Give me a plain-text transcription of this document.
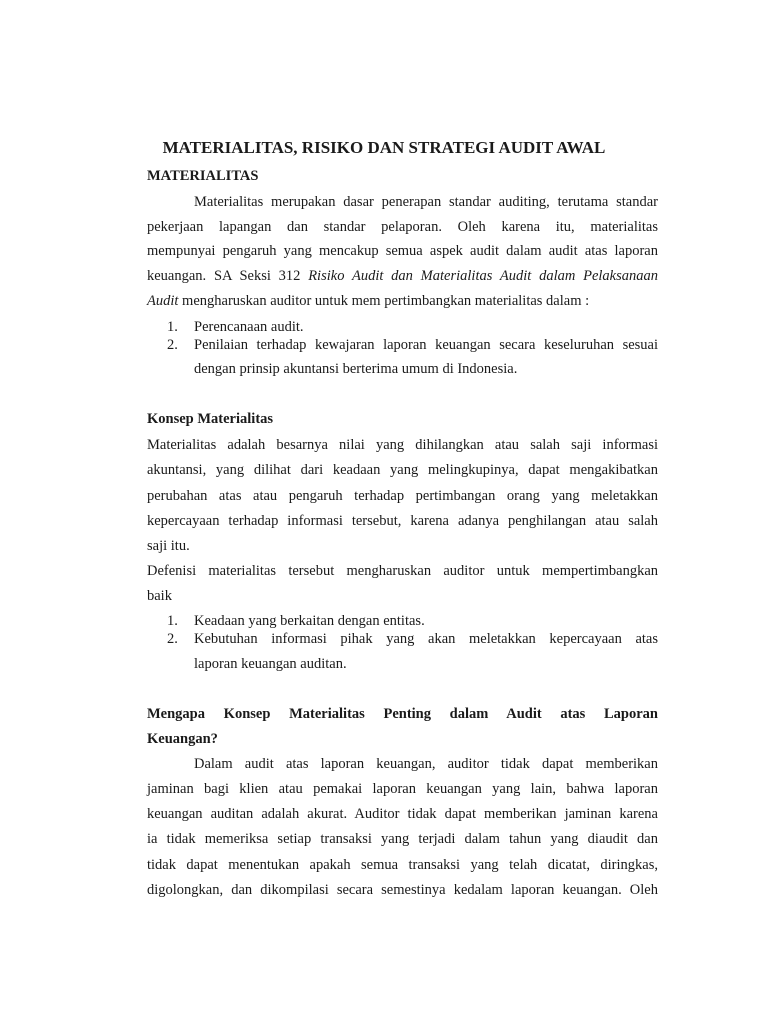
MATERIALITAS, RISIKO DAN STRATEGI AUDIT AWAL
MATERIALITAS
Materialitas merupakan dasar penerapan standar auditing, terutama standar
pekerjaan lapangan dan standar pelaporan. Oleh karena itu, materialitas
mempunyai pengaruh yang mencakup semua aspek audit dalam audit atas laporan
keuangan. SA Seksi 312 Risiko Audit dan Materialitas Audit dalam Pelaksanaan
Audit mengharuskan auditor untuk mem pertimbangkan materialitas dalam :
1. Perencanaan audit.
2. Penilaian terhadap kewajaran laporan keuangan secara keseluruhan sesuai
dengan prinsip akuntansi berterima umum di Indonesia.
Konsep Materialitas
Materialitas adalah besarnya nilai yang dihilangkan atau salah saji informasi
akuntansi, yang dilihat dari keadaan yang melingkupinya, dapat mengakibatkan
perubahan atas atau pengaruh terhadap pertimbangan orang yang meletakkan
kepercayaan terhadap informasi tersebut, karena adanya penghilangan atau salah
saji itu.
Defenisi materialitas tersebut mengharuskan auditor untuk mempertimbangkan
baik
1. Keadaan yang berkaitan dengan entitas.
2. Kebutuhan informasi pihak yang akan meletakkan kepercayaan atas
laporan keuangan auditan.
Mengapa Konsep Materialitas Penting dalam Audit atas Laporan
Keuangan?
Dalam audit atas laporan keuangan, auditor tidak dapat memberikan
jaminan bagi klien atau pemakai laporan keuangan yang lain, bahwa laporan
keuangan auditan adalah akurat. Auditor tidak dapat memberikan jaminan karena
ia tidak memeriksa setiap transaksi yang terjadi dalam tahun yang diaudit dan
tidak dapat menentukan apakah semua transaksi yang telah dicatat, diringkas,
digolongkan, dan dikompilasi secara semestinya kedalam laporan keuangan. Oleh
